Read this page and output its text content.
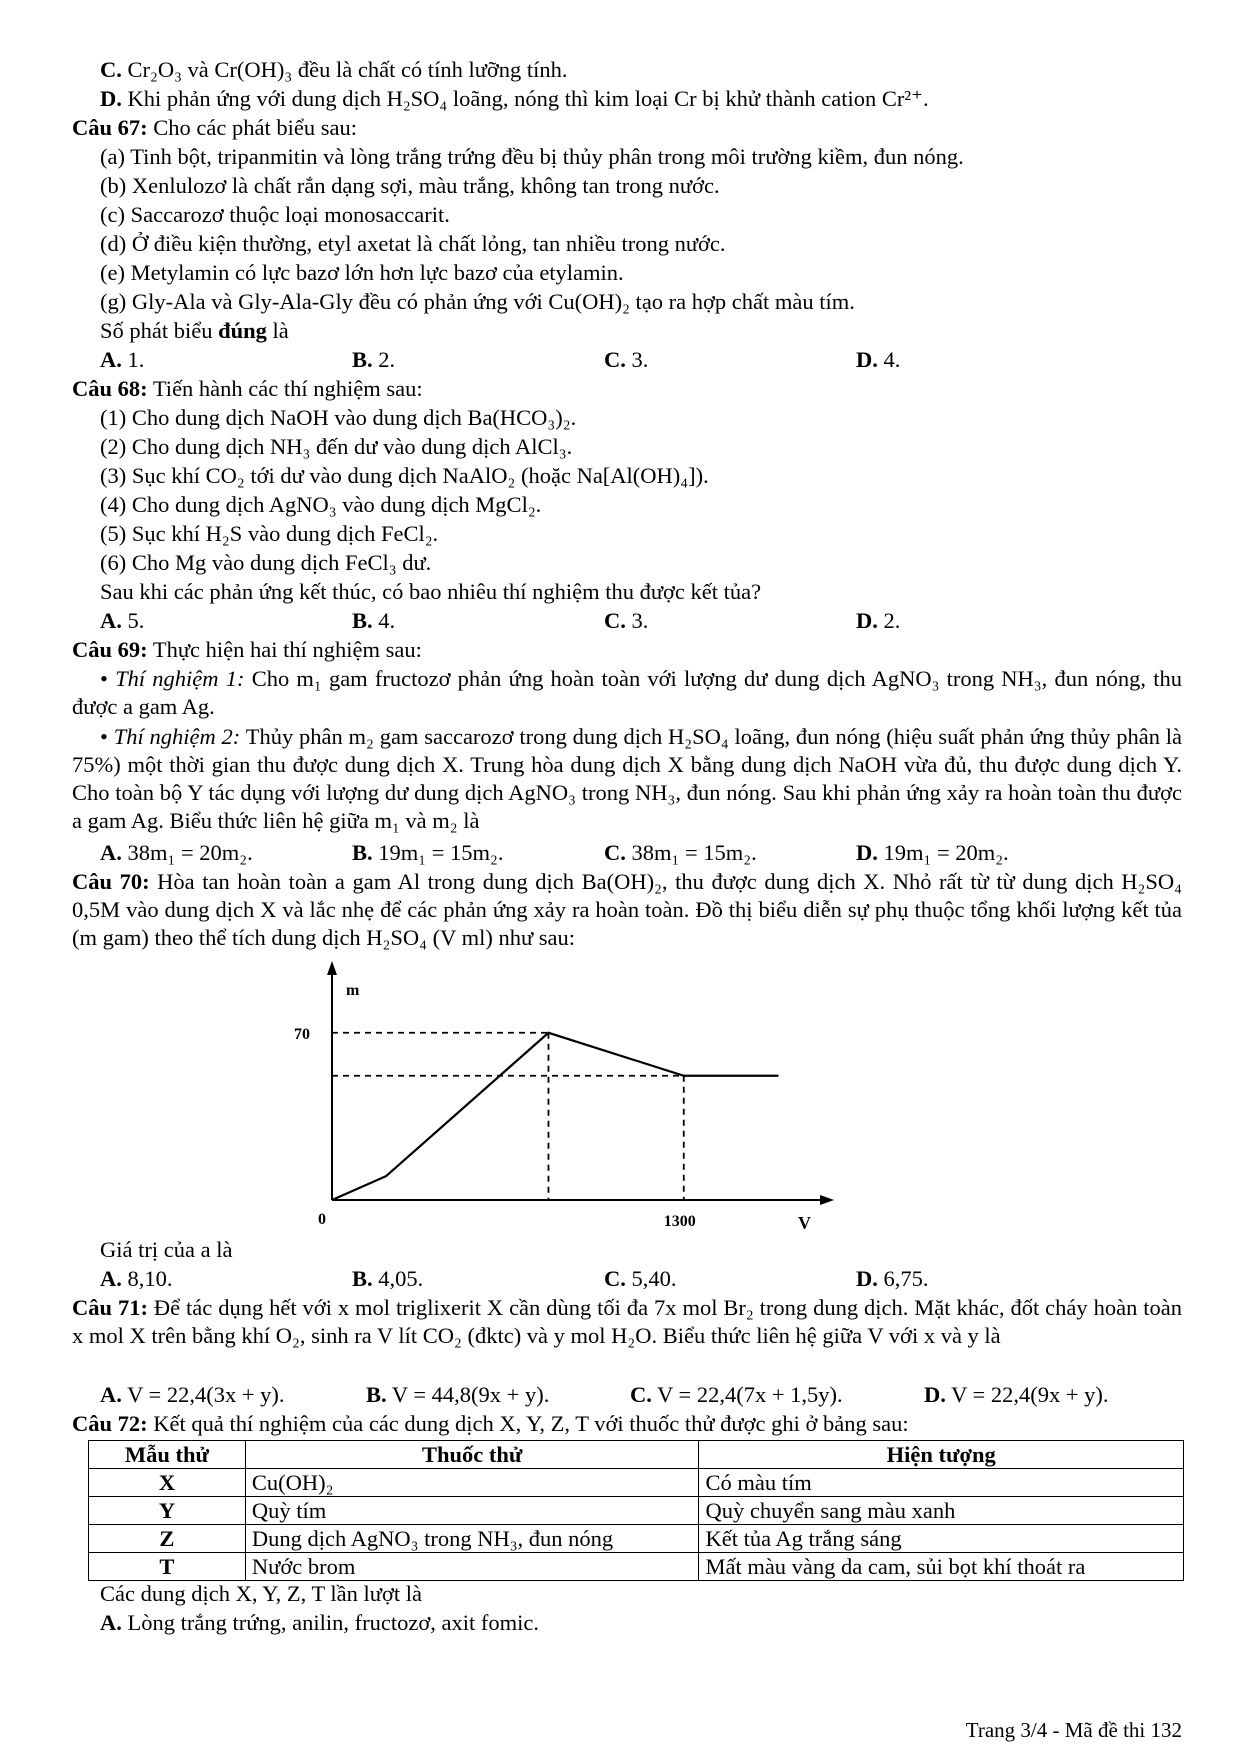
C. Cr₂O₃ và Cr(OH)₃ đều là chất có tính lưỡng tính.
D. Khi phản ứng với dung dịch H₂SO₄ loãng, nóng thì kim loại Cr bị khử thành cation Cr²⁺.
Câu 67: Cho các phát biểu sau:
(a) Tinh bột, tripanmitin và lòng trắng trứng đều bị thủy phân trong môi trường kiềm, đun nóng.
(b) Xenlulozơ là chất rắn dạng sợi, màu trắng, không tan trong nước.
(c) Saccarozơ thuộc loại monosaccarit.
(d) Ở điều kiện thường, etyl axetat là chất lỏng, tan nhiều trong nước.
(e) Metylamin có lực bazơ lớn hơn lực bazơ của etylamin.
(g) Gly-Ala và Gly-Ala-Gly đều có phản ứng với Cu(OH)₂ tạo ra hợp chất màu tím.
Số phát biểu đúng là
A. 1.	B. 2.	C. 3.	D. 4.
Câu 68: Tiến hành các thí nghiệm sau:
(1) Cho dung dịch NaOH vào dung dịch Ba(HCO₃)₂.
(2) Cho dung dịch NH₃ đến dư vào dung dịch AlCl₃.
(3) Sục khí CO₂ tới dư vào dung dịch NaAlO₂ (hoặc Na[Al(OH)₄]).
(4) Cho dung dịch AgNO₃ vào dung dịch MgCl₂.
(5) Sục khí H₂S vào dung dịch FeCl₂.
(6) Cho Mg vào dung dịch FeCl₃ dư.
Sau khi các phản ứng kết thúc, có bao nhiêu thí nghiệm thu được kết tủa?
A. 5.	B. 4.	C. 3.	D. 2.
Câu 69: Thực hiện hai thí nghiệm sau:
• Thí nghiệm 1: Cho m₁ gam fructozơ phản ứng hoàn toàn với lượng dư dung dịch AgNO₃ trong NH₃, đun nóng, thu được a gam Ag.
• Thí nghiệm 2: Thủy phân m₂ gam saccarozơ trong dung dịch H₂SO₄ loãng, đun nóng (hiệu suất phản ứng thủy phân là 75%) một thời gian thu được dung dịch X. Trung hòa dung dịch X bằng dung dịch NaOH vừa đủ, thu được dung dịch Y. Cho toàn bộ Y tác dụng với lượng dư dung dịch AgNO₃ trong NH₃, đun nóng. Sau khi phản ứng xảy ra hoàn toàn thu được a gam Ag. Biểu thức liên hệ giữa m₁ và m₂ là
A. 38m₁ = 20m₂.	B. 19m₁ = 15m₂.	C. 38m₁ = 15m₂.	D. 19m₁ = 20m₂.
Câu 70: Hòa tan hoàn toàn a gam Al trong dung dịch Ba(OH)₂, thu được dung dịch X. Nhỏ rất từ từ dung dịch H₂SO₄ 0,5M vào dung dịch X và lắc nhẹ để các phản ứng xảy ra hoàn toàn. Đồ thị biểu diễn sự phụ thuộc tổng khối lượng kết tủa (m gam) theo thể tích dung dịch H₂SO₄ (V ml) như sau:
m
V
0
70
1300
Giá trị của a là
A. 8,10.	B. 4,05.	C. 5,40.	D. 6,75.
Câu 71: Để tác dụng hết với x mol triglixerit X cần dùng tối đa 7x mol Br₂ trong dung dịch. Mặt khác, đốt cháy hoàn toàn x mol X trên bằng khí O₂, sinh ra V lít CO₂ (đktc) và y mol H₂O. Biểu thức liên hệ giữa V với x và y là
A. V = 22,4(3x + y).	B. V = 44,8(9x + y).	C. V = 22,4(7x + 1,5y).	D. V = 22,4(9x + y).
Câu 72: Kết quả thí nghiệm của các dung dịch X, Y, Z, T với thuốc thử được ghi ở bảng sau:
Mẫu thử	Thuốc thử	Hiện tượng
X	Cu(OH)₂	Có màu tím
Y	Quỳ tím	Quỳ chuyển sang màu xanh
Z	Dung dịch AgNO₃ trong NH₃, đun nóng	Kết tủa Ag trắng sáng
T	Nước brom	Mất màu vàng da cam, sủi bọt khí thoát ra
Các dung dịch X, Y, Z, T lần lượt là
A. Lòng trắng trứng, anilin, fructozơ, axit fomic.
Trang 3/4 - Mã đề thi 132
